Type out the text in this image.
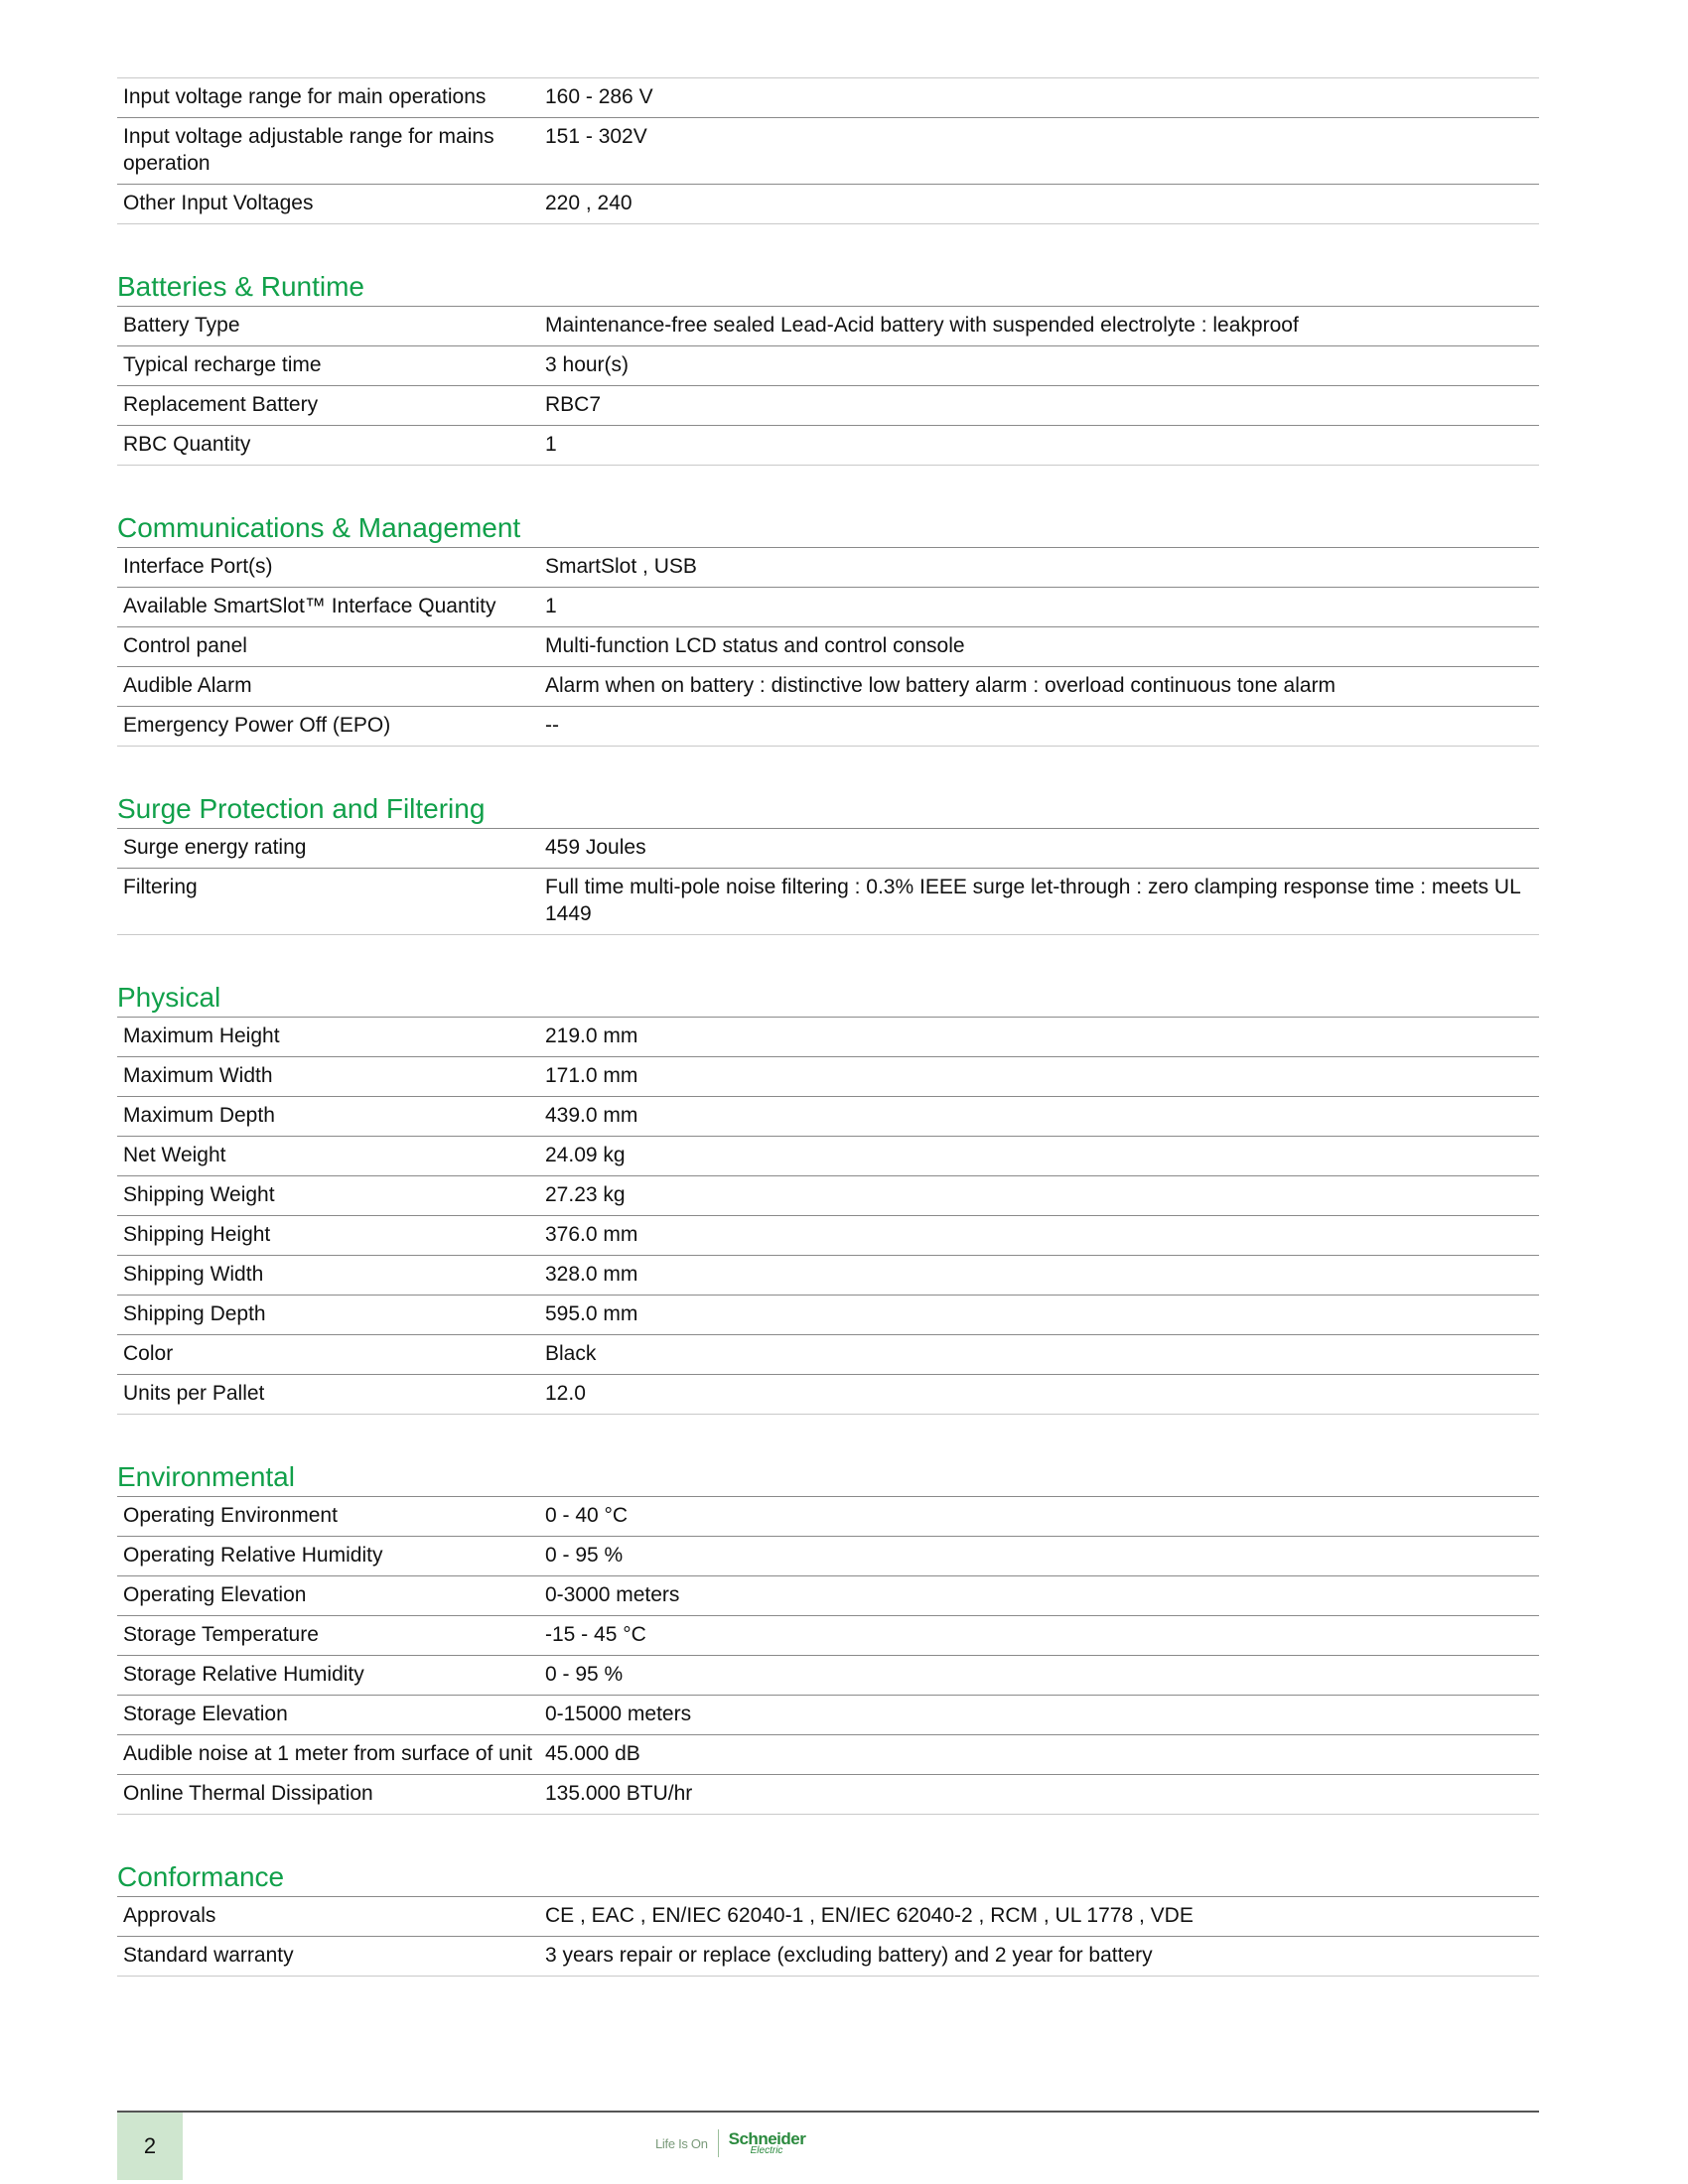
Input voltage range for main operations	160 - 286 V
Input voltage adjustable range for mains operation	151 - 302V
Other Input Voltages	220 , 240
Batteries & Runtime
Battery Type	Maintenance-free sealed Lead-Acid battery with suspended electrolyte : leakproof
Typical recharge time	3 hour(s)
Replacement Battery	RBC7
RBC Quantity	1
Communications & Management
Interface Port(s)	SmartSlot , USB
Available SmartSlot™ Interface Quantity	1
Control panel	Multi-function LCD status and control console
Audible Alarm	Alarm when on battery : distinctive low battery alarm : overload continuous tone alarm
Emergency Power Off (EPO)	--
Surge Protection and Filtering
Surge energy rating	459 Joules
Filtering	Full time multi-pole noise filtering : 0.3% IEEE surge let-through : zero clamping response time : meets UL 1449
Physical
Maximum Height	219.0 mm
Maximum Width	171.0 mm
Maximum Depth	439.0 mm
Net Weight	24.09 kg
Shipping Weight	27.23 kg
Shipping Height	376.0 mm
Shipping Width	328.0 mm
Shipping Depth	595.0 mm
Color	Black
Units per Pallet	12.0
Environmental
Operating Environment	0 - 40 °C
Operating Relative Humidity	0 - 95 %
Operating Elevation	0-3000 meters
Storage Temperature	-15 - 45 °C
Storage Relative Humidity	0 - 95 %
Storage Elevation	0-15000 meters
Audible noise at 1 meter from surface of unit	45.000 dB
Online Thermal Dissipation	135.000 BTU/hr
Conformance
Approvals	CE , EAC , EN/IEC 62040-1 , EN/IEC 62040-2 , RCM , UL 1778 , VDE
Standard warranty	3 years repair or replace (excluding battery) and 2 year for battery
2	Life Is On Schneider
Electric
